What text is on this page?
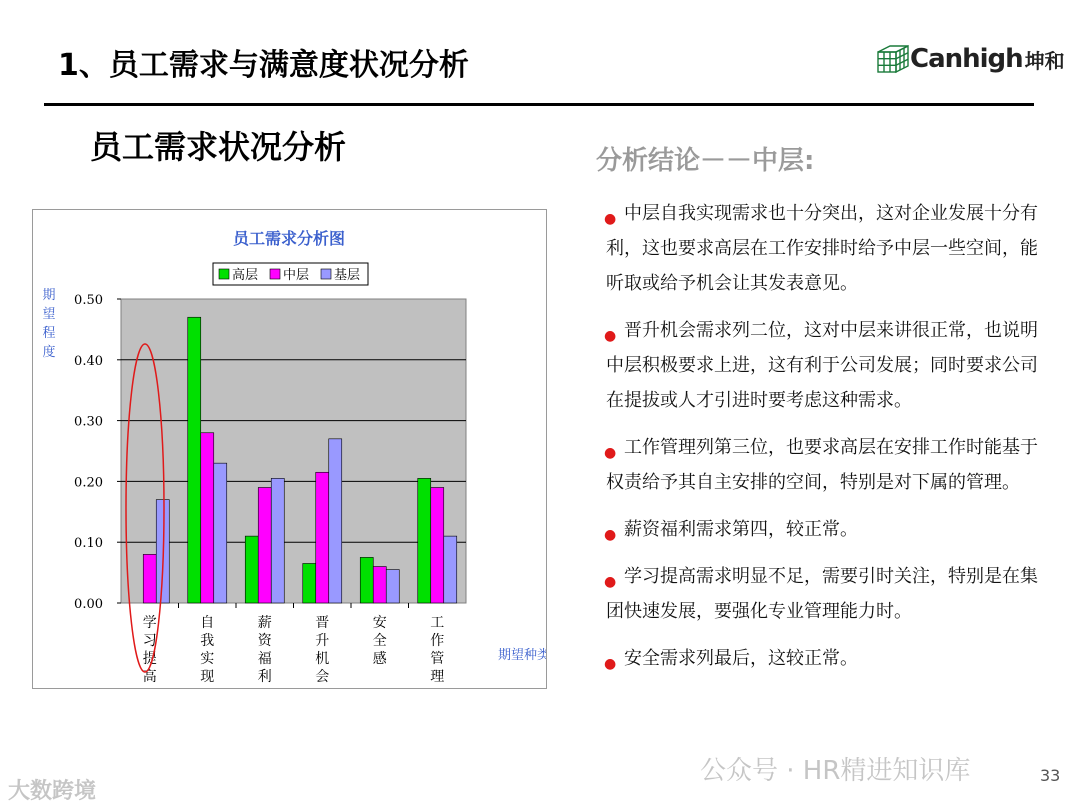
1、员工需求与满意度状况分析	Canhigh 坤和
员工需求状况分析
员工需求分析图
高层 中层 基层
期望程度
期望种类
0.00
0.10
0.20
0.30
0.40
0.50
学习提高
自我实现
薪资福利
晋升机会
安全感
工作管理
分析结论－－中层:
● 中层自我实现需求也十分突出，这对企业发展十分有利，这也要求高层在工作安排时给予中层一些空间，能听取或给予机会让其发表意见。
● 晋升机会需求列二位，这对中层来讲很正常，也说明中层积极要求上进，这有利于公司发展；同时要求公司在提拔或人才引进时要考虑这种需求。
● 工作管理列第三位，也要求高层在安排工作时能基于权责给予其自主安排的空间，特别是对下属的管理。
● 薪资福利需求第四，较正常。
● 学习提高需求明显不足，需要引时关注，特别是在集团快速发展，要强化专业管理能力时。
● 安全需求列最后，这较正常。
公众号 · HR精进知识库
大数跨境
33
